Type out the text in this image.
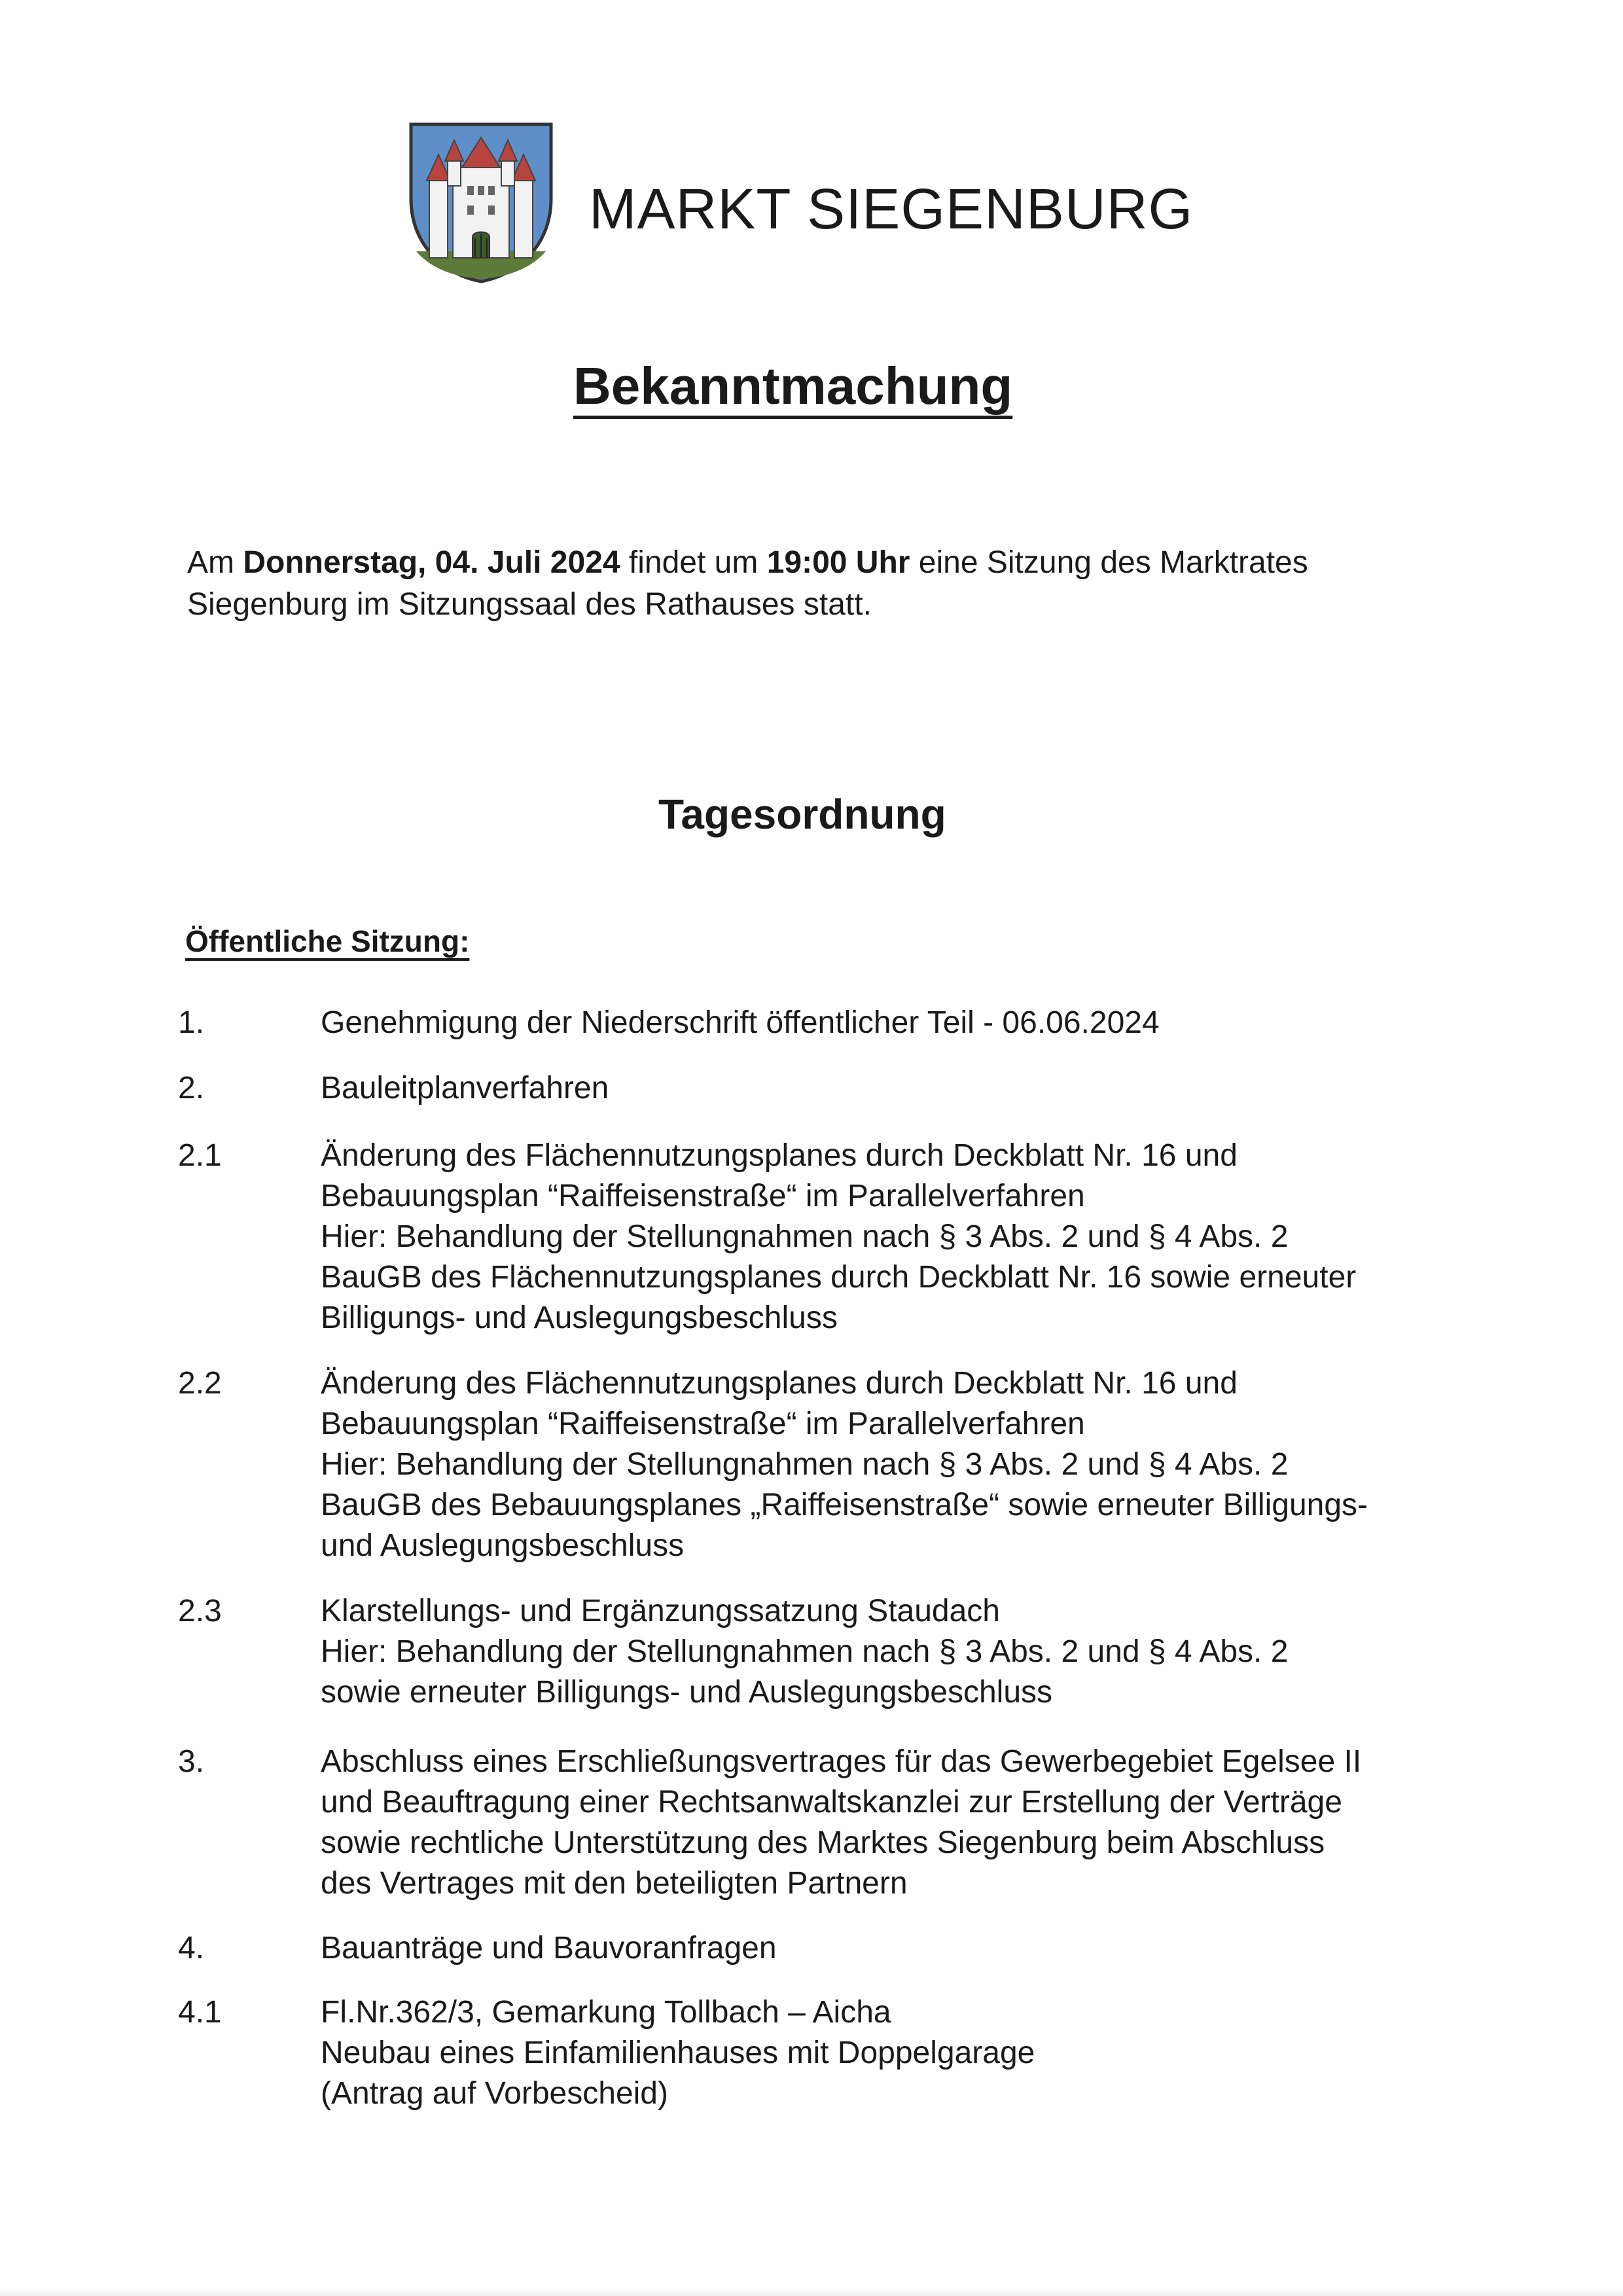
MARKT SIEGENBURG
Bekanntmachung
Am Donnerstag, 04. Juli 2024 findet um 19:00 Uhr eine Sitzung des Marktrates Siegenburg im Sitzungssaal des Rathauses statt.
Tagesordnung
Öffentliche Sitzung:
1.	Genehmigung der Niederschrift öffentlicher Teil - 06.06.2024
2.	Bauleitplanverfahren
2.1	Änderung des Flächennutzungsplanes durch Deckblatt Nr. 16 und
Bebauungsplan “Raiffeisenstraße“ im Parallelverfahren
Hier: Behandlung der Stellungnahmen nach § 3 Abs. 2 und § 4 Abs. 2
BauGB des Flächennutzungsplanes durch Deckblatt Nr. 16 sowie erneuter
Billigungs- und Auslegungsbeschluss
2.2	Änderung des Flächennutzungsplanes durch Deckblatt Nr. 16 und
Bebauungsplan “Raiffeisenstraße“ im Parallelverfahren
Hier: Behandlung der Stellungnahmen nach § 3 Abs. 2 und § 4 Abs. 2
BauGB des Bebauungsplanes „Raiffeisenstraße“ sowie erneuter Billigungs-
und Auslegungsbeschluss
2.3	Klarstellungs- und Ergänzungssatzung Staudach
Hier: Behandlung der Stellungnahmen nach § 3 Abs. 2 und § 4 Abs. 2
sowie erneuter Billigungs- und Auslegungsbeschluss
3.	Abschluss eines Erschließungsvertrages für das Gewerbegebiet Egelsee II
und Beauftragung einer Rechtsanwaltskanzlei zur Erstellung der Verträge
sowie rechtliche Unterstützung des Marktes Siegenburg beim Abschluss
des Vertrages mit den beteiligten Partnern
4.	Bauanträge und Bauvoranfragen
4.1	Fl.Nr.362/3, Gemarkung Tollbach – Aicha
Neubau eines Einfamilienhauses mit Doppelgarage
(Antrag auf Vorbescheid)
